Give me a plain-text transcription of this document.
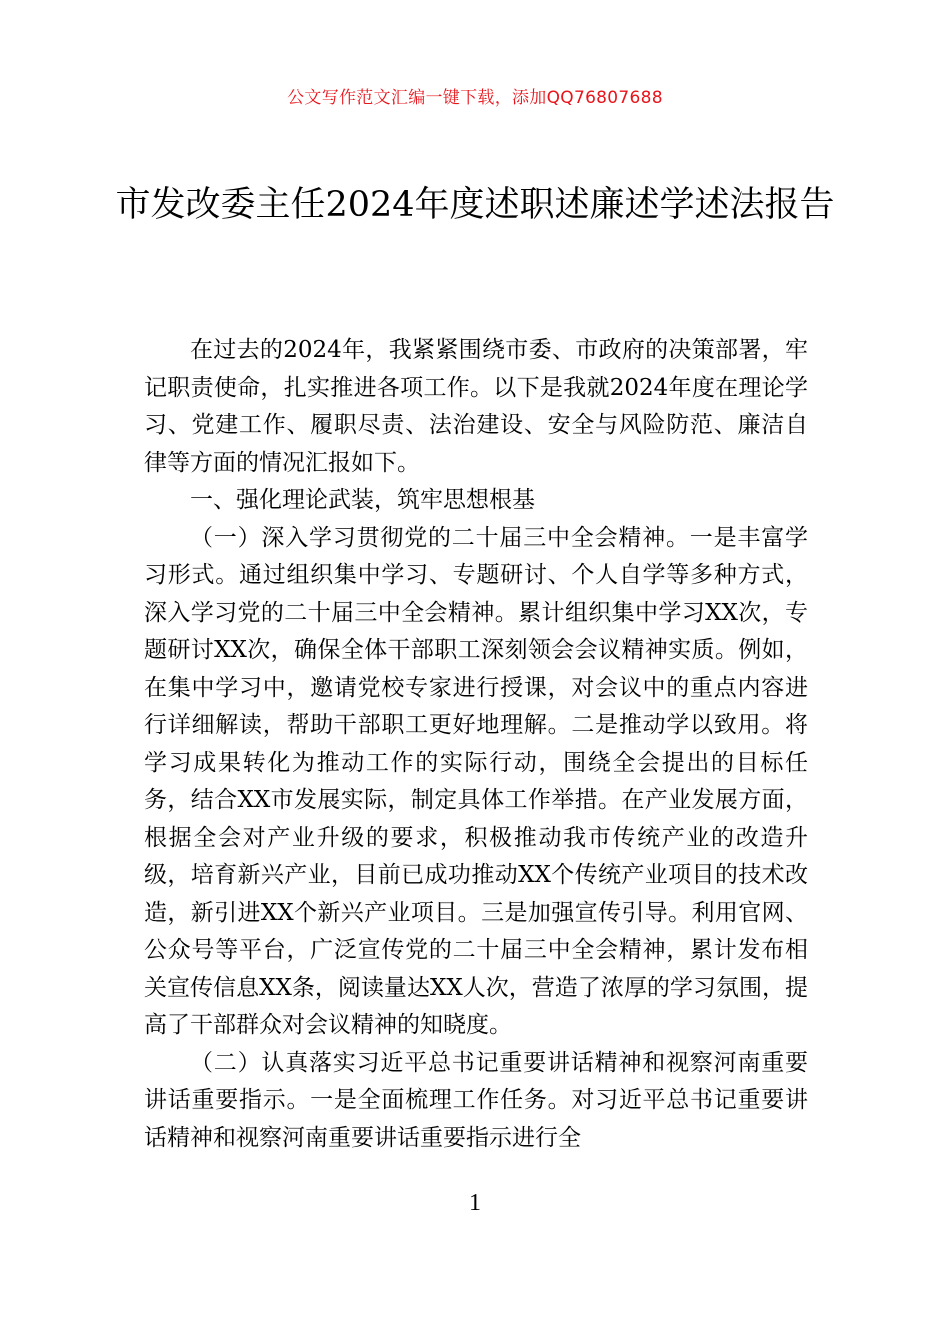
公文写作范文汇编一键下载，添加QQ76807688
市发改委主任2024年度述职述廉述学述法报告

在过去的2024年，我紧紧围绕市委、市政府的决策部署，牢记职责使命，扎实推进各项工作。以下是我就2024年度在理论学习、党建工作、履职尽责、法治建设、安全与风险防范、廉洁自律等方面的情况汇报如下。

一、强化理论武装，筑牢思想根基

（一）深入学习贯彻党的二十届三中全会精神。一是丰富学习形式。通过组织集中学习、专题研讨、个人自学等多种方式，深入学习党的二十届三中全会精神。累计组织集中学习XX次，专题研讨XX次，确保全体干部职工深刻领会会议精神实质。例如，在集中学习中，邀请党校专家进行授课，对会议中的重点内容进行详细解读，帮助干部职工更好地理解。二是推动学以致用。将学习成果转化为推动工作的实际行动，围绕全会提出的目标任务，结合XX市发展实际，制定具体工作举措。在产业发展方面，根据全会对产业升级的要求，积极推动我市传统产业的改造升级，培育新兴产业，目前已成功推动XX个传统产业项目的技术改造，新引进XX个新兴产业项目。三是加强宣传引导。利用官网、公众号等平台，广泛宣传党的二十届三中全会精神，累计发布相关宣传信息XX条，阅读量达XX人次，营造了浓厚的学习氛围，提高了干部群众对会议精神的知晓度。

（二）认真落实习近平总书记重要讲话精神和视察河南重要讲话重要指示。一是全面梳理工作任务。对习近平总书记重要讲话精神和视察河南重要讲话重要指示进行全

1
